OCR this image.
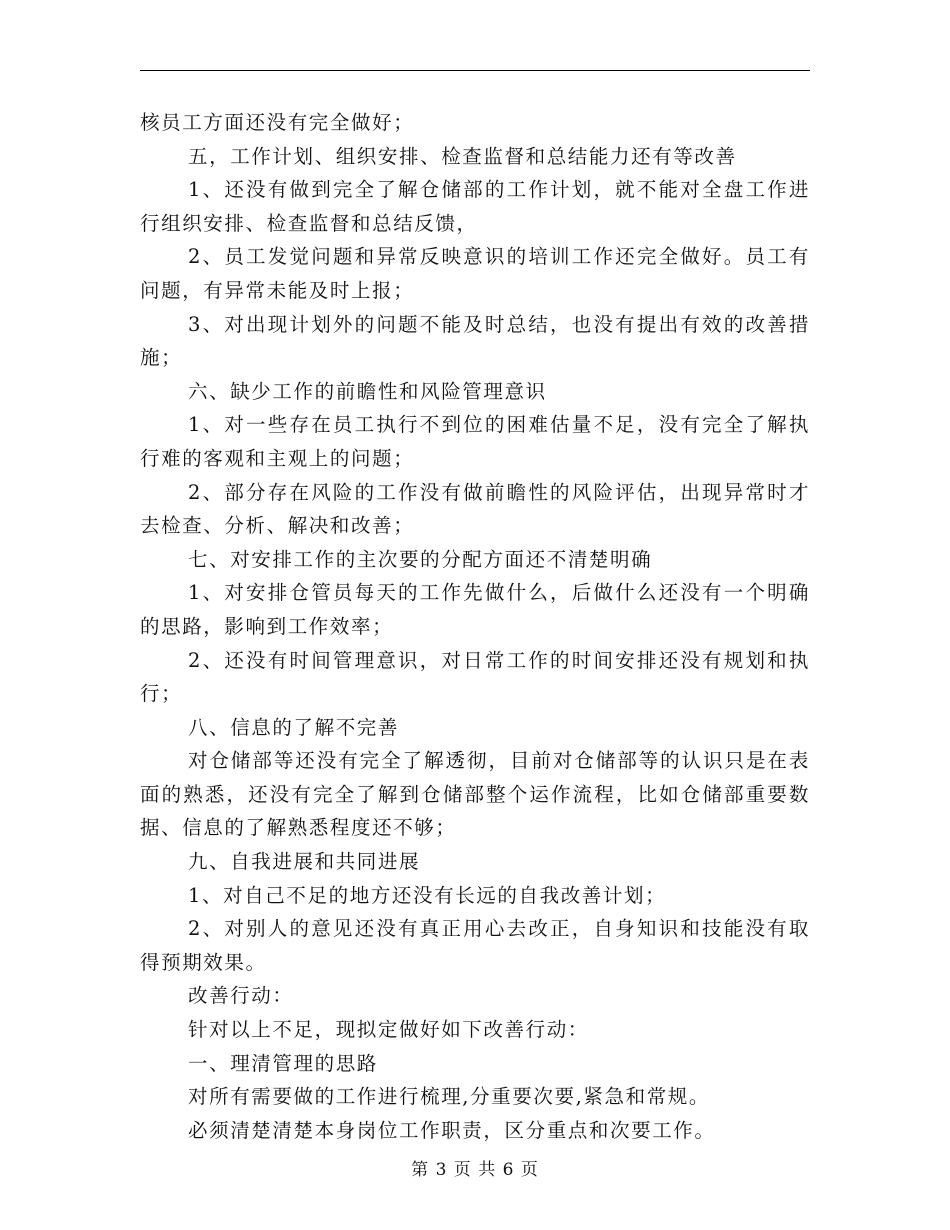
核员工方面还没有完全做好；

五，工作计划、组织安排、检查监督和总结能力还有等改善

1、还没有做到完全了解仓储部的工作计划，就不能对全盘工作进行组织安排、检查监督和总结反馈，

2、员工发觉问题和异常反映意识的培训工作还完全做好。员工有问题，有异常未能及时上报；

3、对出现计划外的问题不能及时总结，也没有提出有效的改善措施；

六、缺少工作的前瞻性和风险管理意识

1、对一些存在员工执行不到位的困难估量不足，没有完全了解执行难的客观和主观上的问题；

2、部分存在风险的工作没有做前瞻性的风险评估，出现异常时才去检查、分析、解决和改善；

七、对安排工作的主次要的分配方面还不清楚明确

1、对安排仓管员每天的工作先做什么，后做什么还没有一个明确的思路，影响到工作效率；

2、还没有时间管理意识，对日常工作的时间安排还没有规划和执行；

八、信息的了解不完善

对仓储部等还没有完全了解透彻，目前对仓储部等的认识只是在表面的熟悉，还没有完全了解到仓储部整个运作流程，比如仓储部重要数据、信息的了解熟悉程度还不够；

九、自我进展和共同进展

1、对自己不足的地方还没有长远的自我改善计划；

2、对别人的意见还没有真正用心去改正，自身知识和技能没有取得预期效果。

改善行动：

针对以上不足，现拟定做好如下改善行动：

一、理清管理的思路

对所有需要做的工作进行梳理,分重要次要,紧急和常规。

必须清楚清楚本身岗位工作职责，区分重点和次要工作。

第 3 页 共 6 页
